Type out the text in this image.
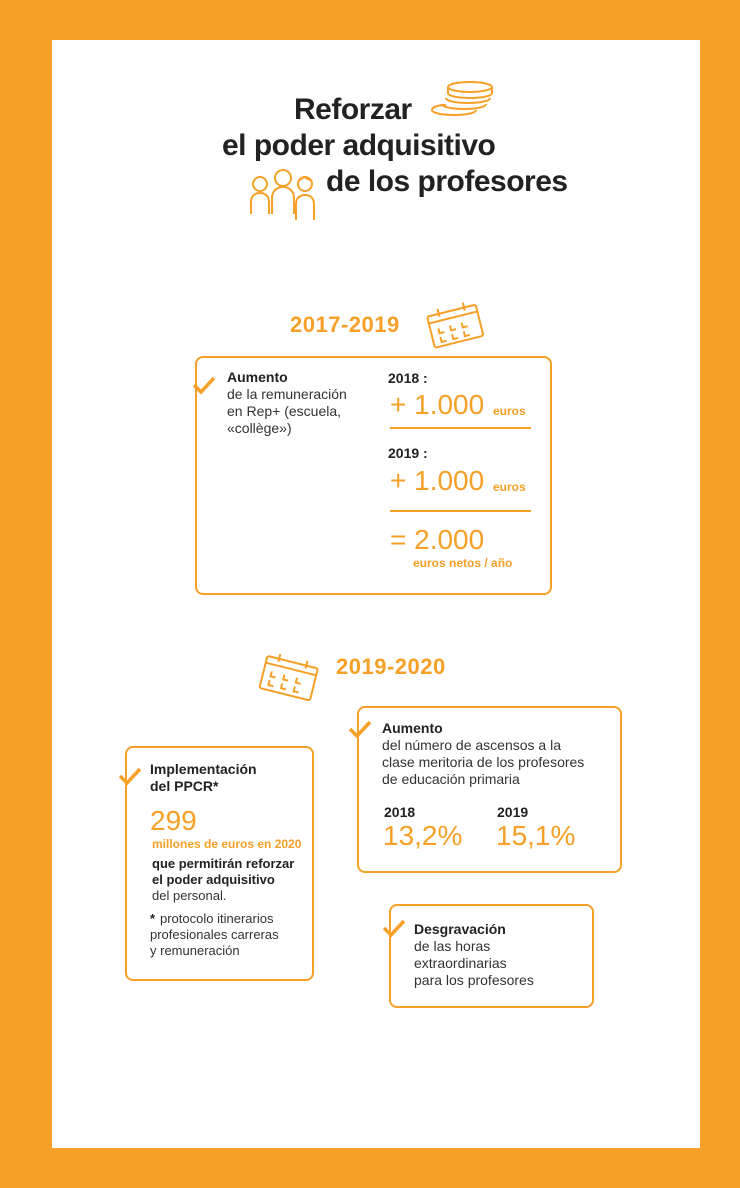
Reforzar
el poder adquisitivo
de los profesores
2017-2019
Aumento
de la remuneración
en Rep+ (escuela,
«collège»)
2018 :
+ 1.000 euros
2019 :
+ 1.000 euros
= 2.000
euros netos / año
2019-2020
Implementación
del PPCR*
299
millones de euros en 2020
que permitirán reforzar
el poder adquisitivo
del personal.
* protocolo itinerarios
profesionales carreras
y remuneración
Aumento
del número de ascensos a la
clase meritoria de los profesores
de educación primaria
2018
13,2%
2019
15,1%
Desgravación
de las horas
extraordinarias
para los profesores
